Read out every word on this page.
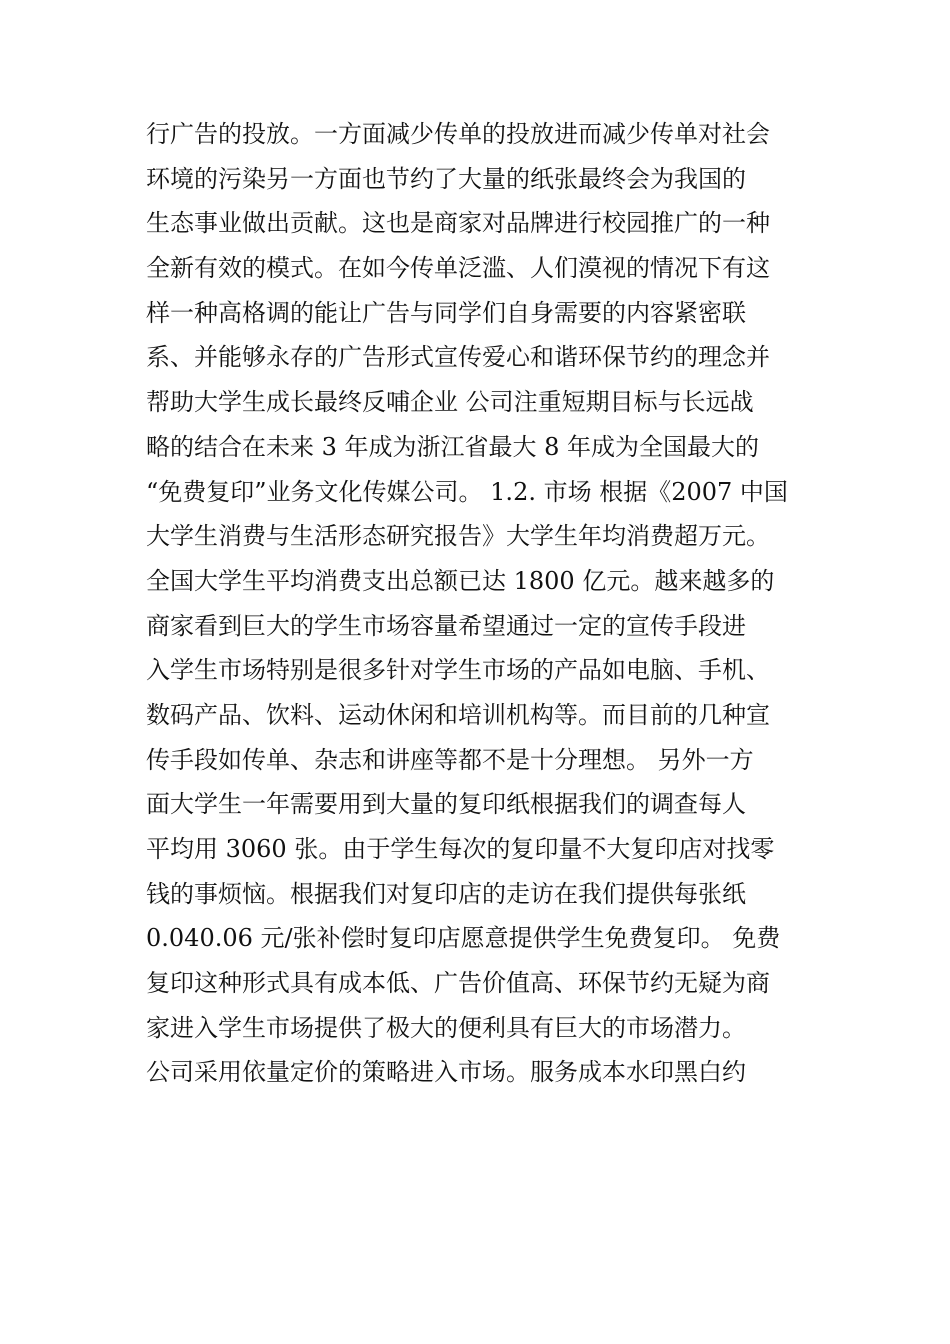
行广告的投放。一方面减少传单的投放进而减少传单对社会

环境的污染另一方面也节约了大量的纸张最终会为我国的

生态事业做出贡献。这也是商家对品牌进行校园推广的一种

全新有效的模式。在如今传单泛滥、人们漠视的情况下有这

样一种高格调的能让广告与同学们自身需要的内容紧密联

系、并能够永存的广告形式宣传爱心和谐环保节约的理念并

帮助大学生成长最终反哺企业 公司注重短期目标与长远战

略的结合在未来 3 年成为浙江省最大 8 年成为全国最大的

“免费复印”业务文化传媒公司。 1.2. 市场 根据《2007 中国

大学生消费与生活形态研究报告》大学生年均消费超万元。

全国大学生平均消费支出总额已达 1800 亿元。越来越多的

商家看到巨大的学生市场容量希望通过一定的宣传手段进

入学生市场特别是很多针对学生市场的产品如电脑、手机、

数码产品、饮料、运动休闲和培训机构等。而目前的几种宣

传手段如传单、杂志和讲座等都不是十分理想。 另外一方

面大学生一年需要用到大量的复印纸根据我们的调查每人

平均用 3060 张。由于学生每次的复印量不大复印店对找零

钱的事烦恼。根据我们对复印店的走访在我们提供每张纸

0.040.06 元/张补偿时复印店愿意提供学生免费复印。 免费

复印这种形式具有成本低、广告价值高、环保节约无疑为商

家进入学生市场提供了极大的便利具有巨大的市场潜力。

公司采用依量定价的策略进入市场。服务成本水印黑白约
